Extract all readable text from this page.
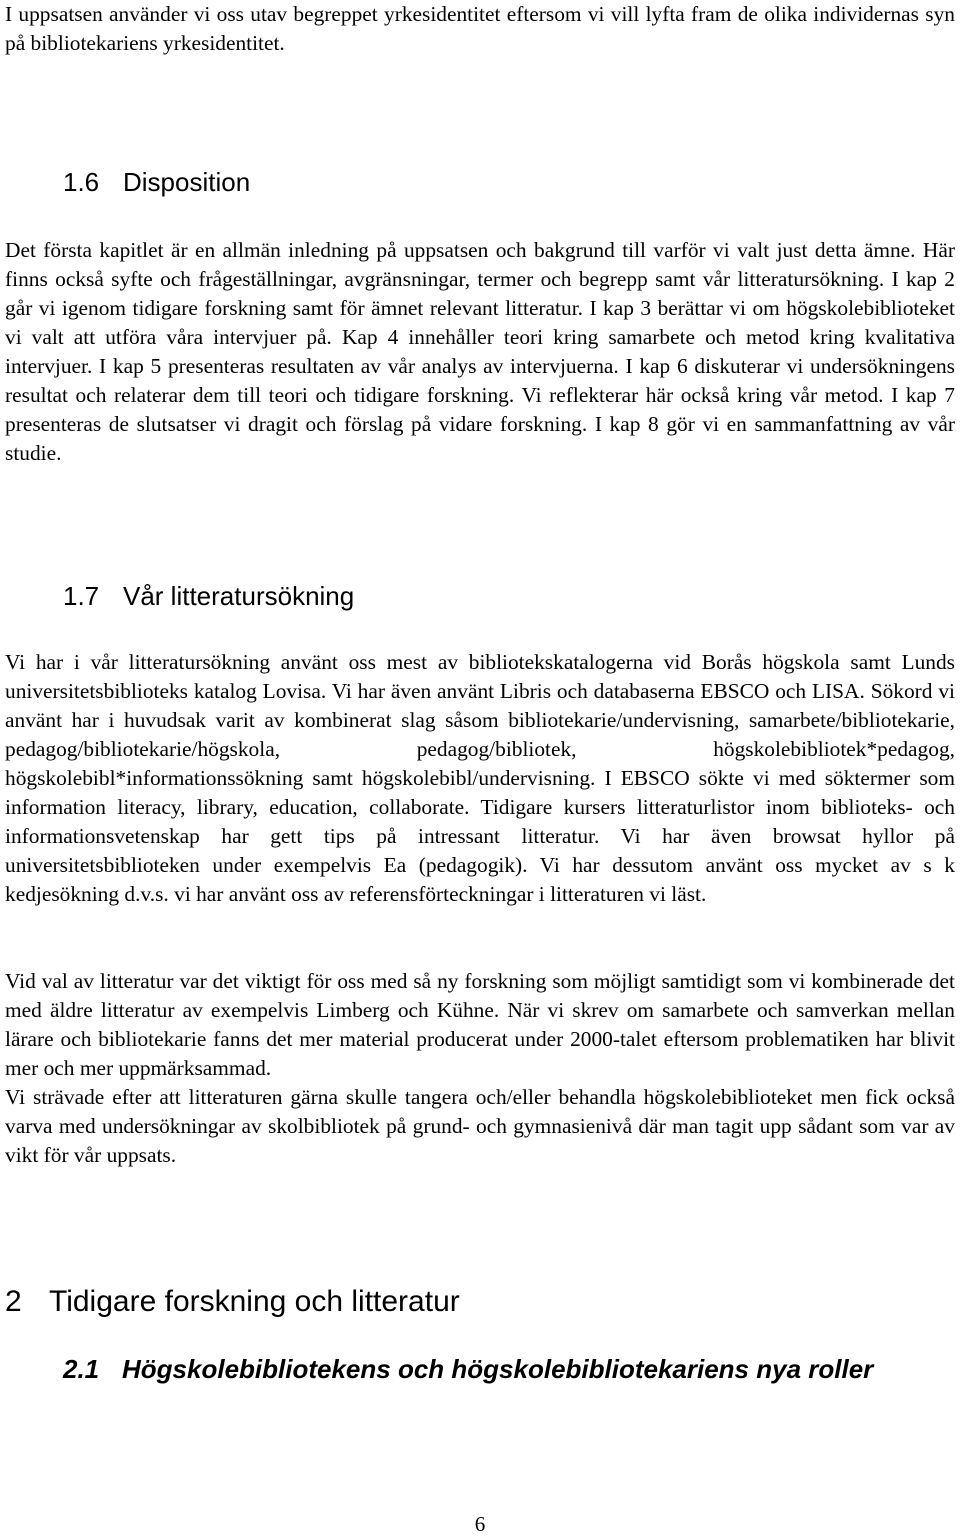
I uppsatsen använder vi oss utav begreppet yrkesidentitet eftersom vi vill lyfta fram de olika individernas syn på bibliotekariens yrkesidentitet.

1.6 Disposition

Det första kapitlet är en allmän inledning på uppsatsen och bakgrund till varför vi valt just detta ämne. Här finns också syfte och frågeställningar, avgränsningar, termer och begrepp samt vår litteratursökning. I kap 2 går vi igenom tidigare forskning samt för ämnet relevant litteratur. I kap 3 berättar vi om högskolebiblioteket vi valt att utföra våra intervjuer på. Kap 4 innehåller teori kring samarbete och metod kring kvalitativa intervjuer. I kap 5 presenteras resultaten av vår analys av intervjuerna. I kap 6 diskuterar vi undersökningens resultat och relaterar dem till teori och tidigare forskning. Vi reflekterar här också kring vår metod. I kap 7 presenteras de slutsatser vi dragit och förslag på vidare forskning. I kap 8 gör vi en sammanfattning av vår studie.

1.7 Vår litteratursökning

Vi har i vår litteratursökning använt oss mest av bibliotekskatalogerna vid Borås högskola samt Lunds universitetsbiblioteks katalog Lovisa. Vi har även använt Libris och databaserna EBSCO och LISA. Sökord vi använt har i huvudsak varit av kombinerat slag såsom bibliotekarie/undervisning, samarbete/bibliotekarie, pedagog/bibliotekarie/högskola, pedagog/bibliotek, högskolebibliotek*pedagog, högskolebibl*informationssökning samt högskolebibl/undervisning. I EBSCO sökte vi med söktermer som information literacy, library, education, collaborate. Tidigare kursers litteraturlistor inom biblioteks- och informationsvetenskap har gett tips på intressant litteratur. Vi har även browsat hyllor på universitetsbiblioteken under exempelvis Ea (pedagogik). Vi har dessutom använt oss mycket av s k kedjesökning d.v.s. vi har använt oss av referensförteckningar i litteraturen vi läst.

Vid val av litteratur var det viktigt för oss med så ny forskning som möjligt samtidigt som vi kombinerade det med äldre litteratur av exempelvis Limberg och Kühne. När vi skrev om samarbete och samverkan mellan lärare och bibliotekarie fanns det mer material producerat under 2000-talet eftersom problematiken har blivit mer och mer uppmärksammad.
Vi strävade efter att litteraturen gärna skulle tangera och/eller behandla högskolebiblioteket men fick också varva med undersökningar av skolbibliotek på grund- och gymnasienivå där man tagit upp sådant som var av vikt för vår uppsats.

2 Tidigare forskning och litteratur
2.1 Högskolebibliotekens och högskolebibliotekariens nya roller
6
